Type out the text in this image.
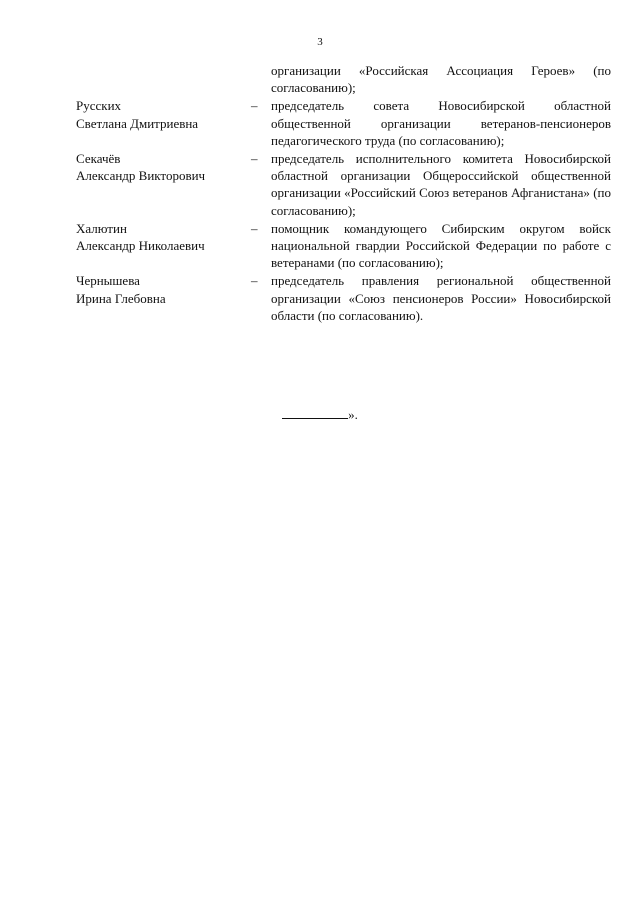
3
организации «Российская Ассоциация Героев» (по согласованию);
Русских
Светлана Дмитриевна
– председатель совета Новосибирской областной общественной организации ветеранов-пенсионеров педагогического труда (по согласованию);
Секачёв
Александр Викторович
– председатель исполнительного комитета Новосибирской областной организации Общероссийской общественной организации «Российский Союз ветеранов Афганистана» (по согласованию);
Халютин
Александр Николаевич
– помощник командующего Сибирским округом войск национальной гвардии Российской Федерации по работе с ветеранами (по согласованию);
Чернышева
Ирина Глебовна
– председатель правления региональной общественной организации «Союз пенсионеров России» Новосибирской области (по согласованию).
».
